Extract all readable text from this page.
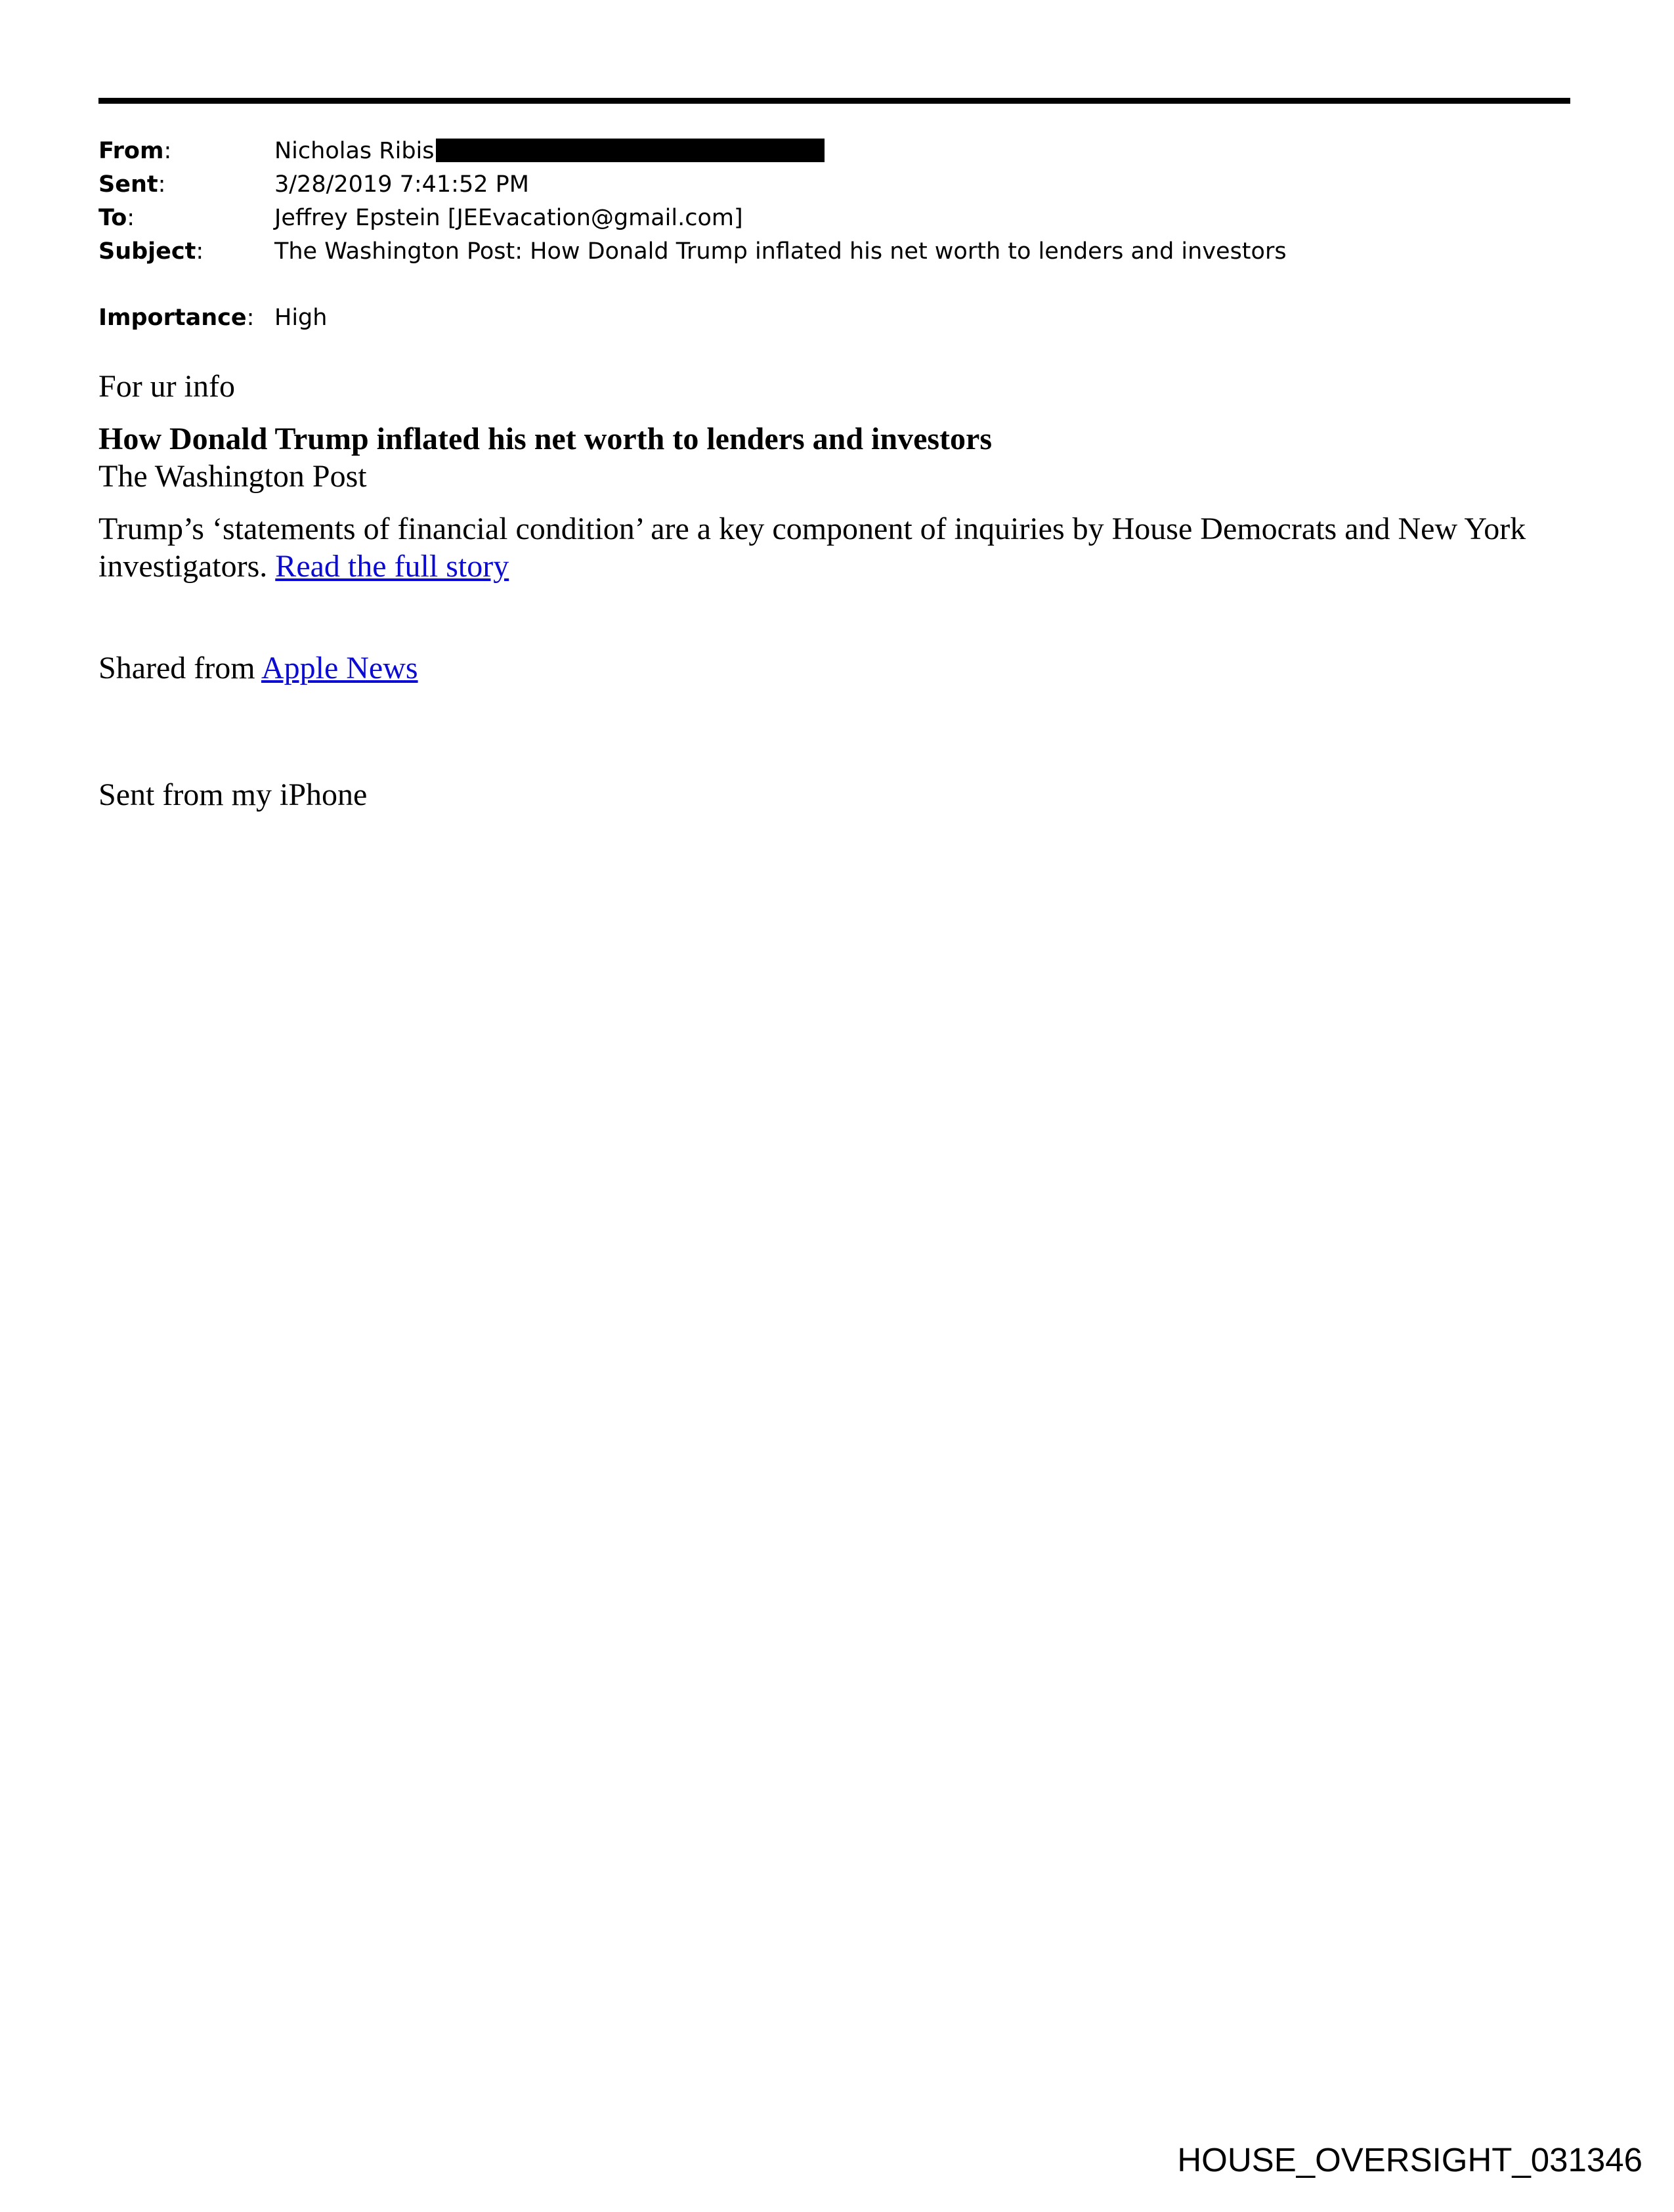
From:	Nicholas Ribis
Sent:	3/28/2019 7:41:52 PM
To:	Jeffrey Epstein [JEEvacation@gmail.com]
Subject:	The Washington Post: How Donald Trump inflated his net worth to lenders and investors
Importance: High

For ur info

How Donald Trump inflated his net worth to lenders and investors

The Washington Post

Trump’s ‘statements of financial condition’ are a key component of inquiries by House Democrats and New York investigators. Read the full story

Shared from Apple News

Sent from my iPhone

HOUSE_OVERSIGHT_031346
